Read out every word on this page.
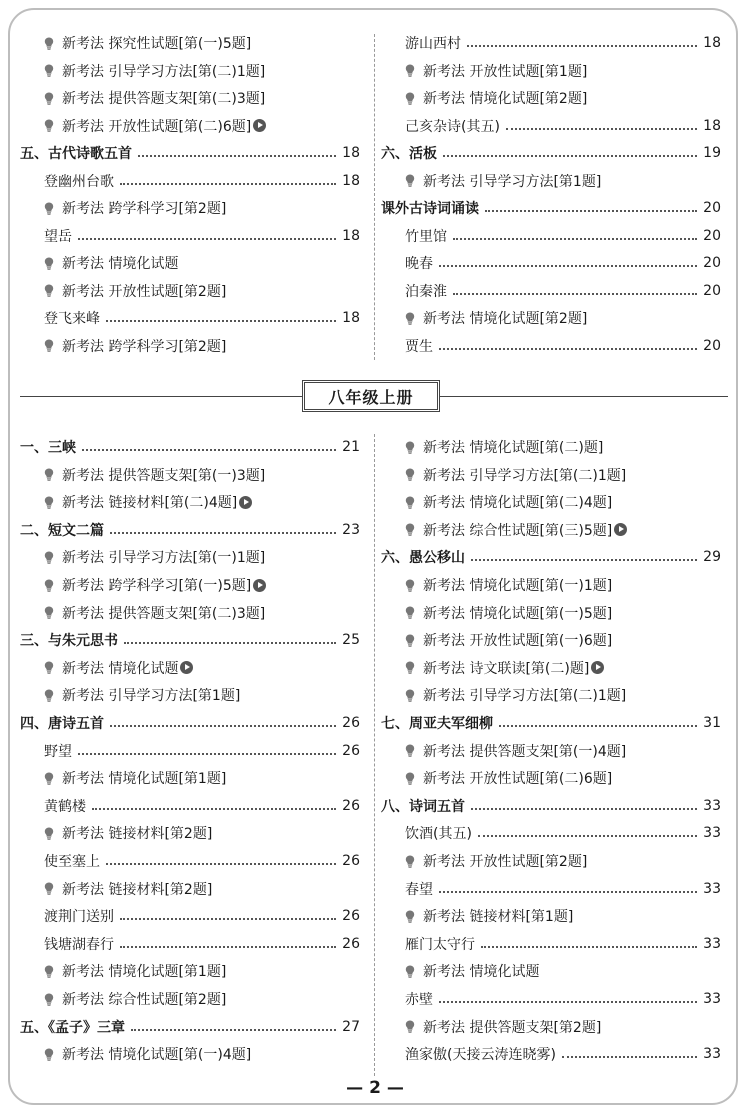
八年级上册
新考法 探究性试题[第(一)5题]
新考法 引导学习方法[第(二)1题]
新考法 提供答题支架[第(二)3题]
新考法 开放性试题[第(二)6题]
五、古代诗歌五首	18
登幽州台歌	18
新考法 跨学科学习[第2题]
望岳	18
新考法 情境化试题
新考法 开放性试题[第2题]
登飞来峰	18
新考法 跨学科学习[第2题]
游山西村	18
新考法 开放性试题[第1题]
新考法 情境化试题[第2题]
己亥杂诗(其五)	18
六、活板	19
新考法 引导学习方法[第1题]
课外古诗词诵读	20
竹里馆	20
晚春	20
泊秦淮	20
新考法 情境化试题[第2题]
贾生	20
一、三峡	21
新考法 提供答题支架[第(一)3题]
新考法 链接材料[第(二)4题]
二、短文二篇	23
新考法 引导学习方法[第(一)1题]
新考法 跨学科学习[第(一)5题]
新考法 提供答题支架[第(二)3题]
三、与朱元思书	25
新考法 情境化试题
新考法 引导学习方法[第1题]
四、唐诗五首	26
野望	26
新考法 情境化试题[第1题]
黄鹤楼	26
新考法 链接材料[第2题]
使至塞上	26
新考法 链接材料[第2题]
渡荆门送别	26
钱塘湖春行	26
新考法 情境化试题[第1题]
新考法 综合性试题[第2题]
五、《孟子》三章	27
新考法 情境化试题[第(一)4题]
新考法 情境化试题[第(二)题]
新考法 引导学习方法[第(二)1题]
新考法 情境化试题[第(二)4题]
新考法 综合性试题[第(三)5题]
六、愚公移山	29
新考法 情境化试题[第(一)1题]
新考法 情境化试题[第(一)5题]
新考法 开放性试题[第(一)6题]
新考法 诗文联读[第(二)题]
新考法 引导学习方法[第(二)1题]
七、周亚夫军细柳	31
新考法 提供答题支架[第(一)4题]
新考法 开放性试题[第(二)6题]
八、诗词五首	33
饮酒(其五)	33
新考法 开放性试题[第2题]
春望	33
新考法 链接材料[第1题]
雁门太守行	33
新考法 情境化试题
赤壁	33
新考法 提供答题支架[第2题]
渔家傲(天接云涛连晓雾)	33
— 2 —
